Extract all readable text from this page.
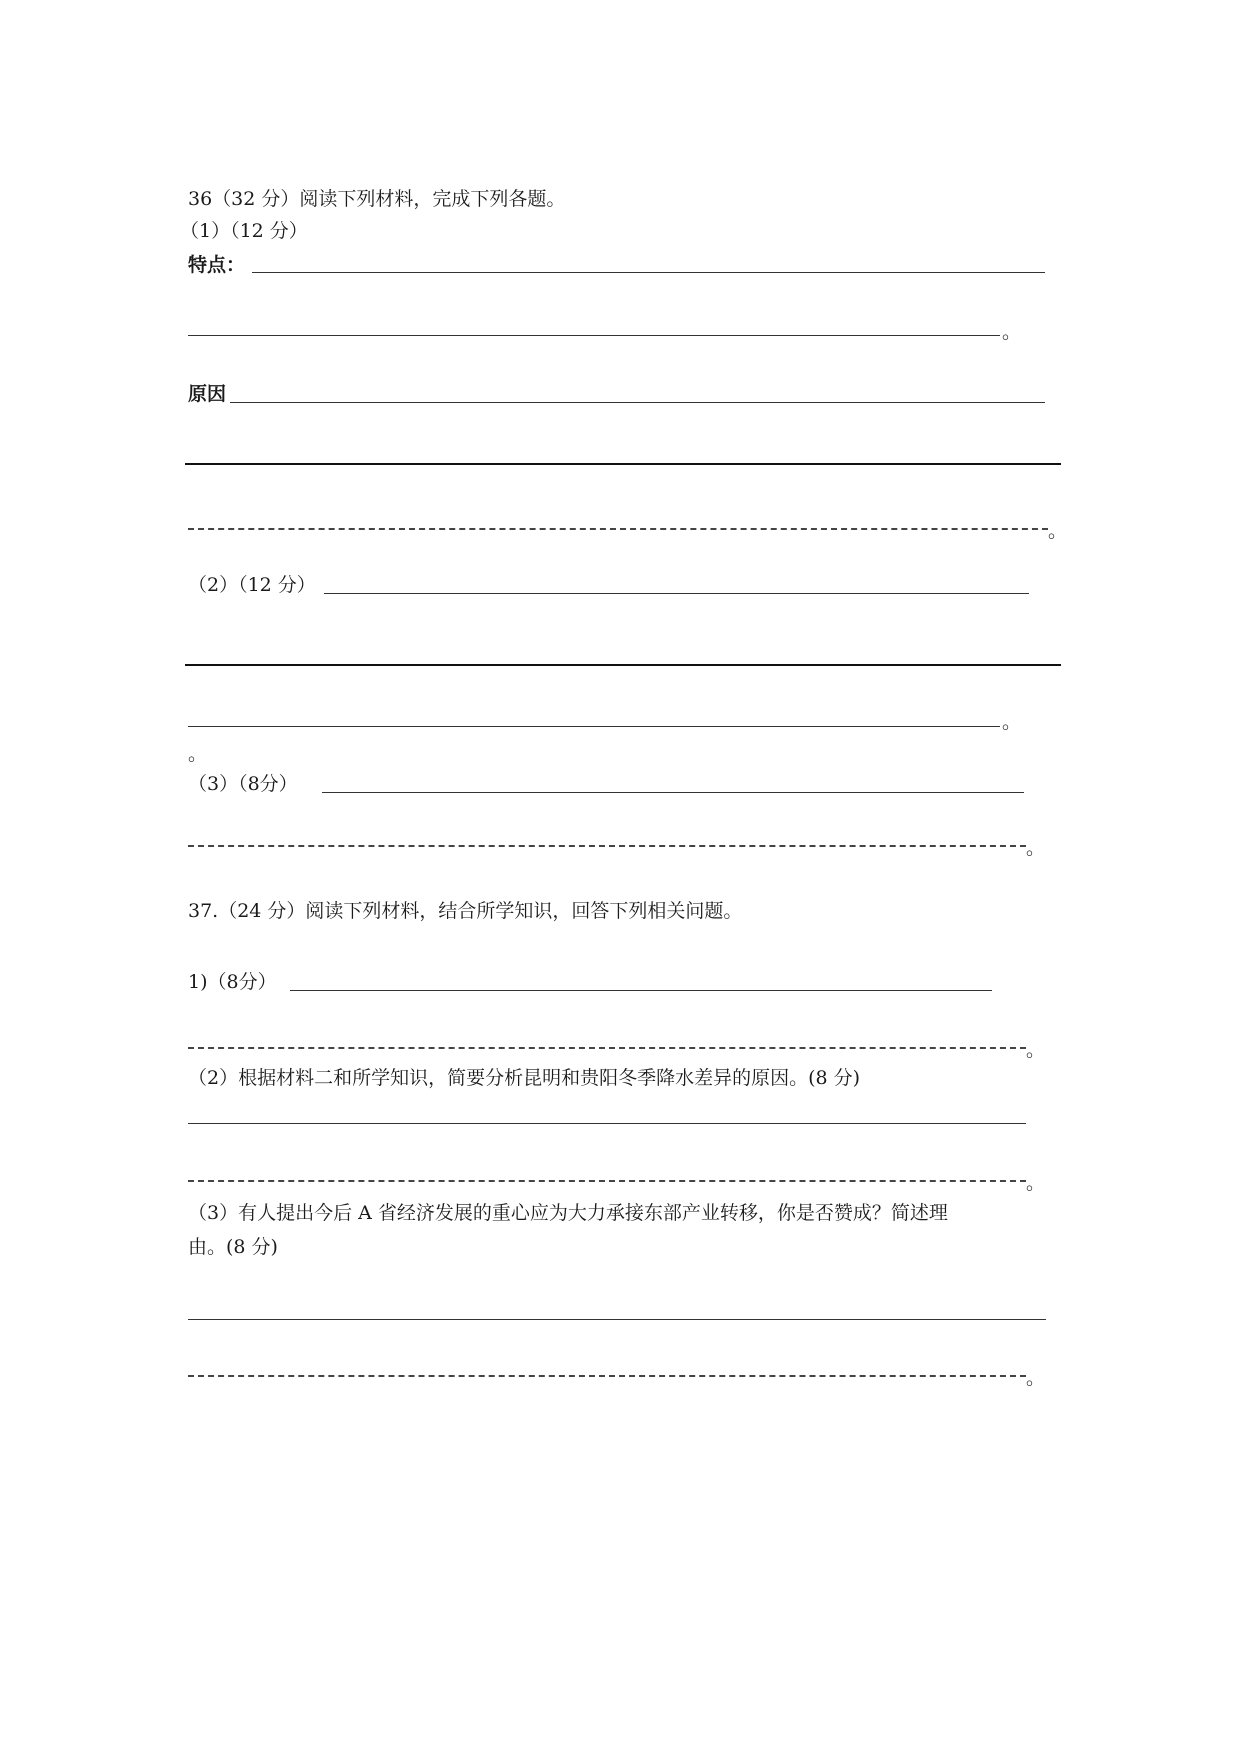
36（32 分）阅读下列材料，完成下列各题。
（1）（12 分）
特点：
。
原因
。
（2）（12 分）
。
。
（3）（8分）
。
37.（24 分）阅读下列材料，结合所学知识，回答下列相关问题。
1)（8分）
。
（2）根据材料二和所学知识，简要分析昆明和贵阳冬季降水差异的原因。(8 分)
。
（3）有人提出今后 A 省经济发展的重心应为大力承接东部产业转移，你是否赞成？简述理
由。(8 分)
。
